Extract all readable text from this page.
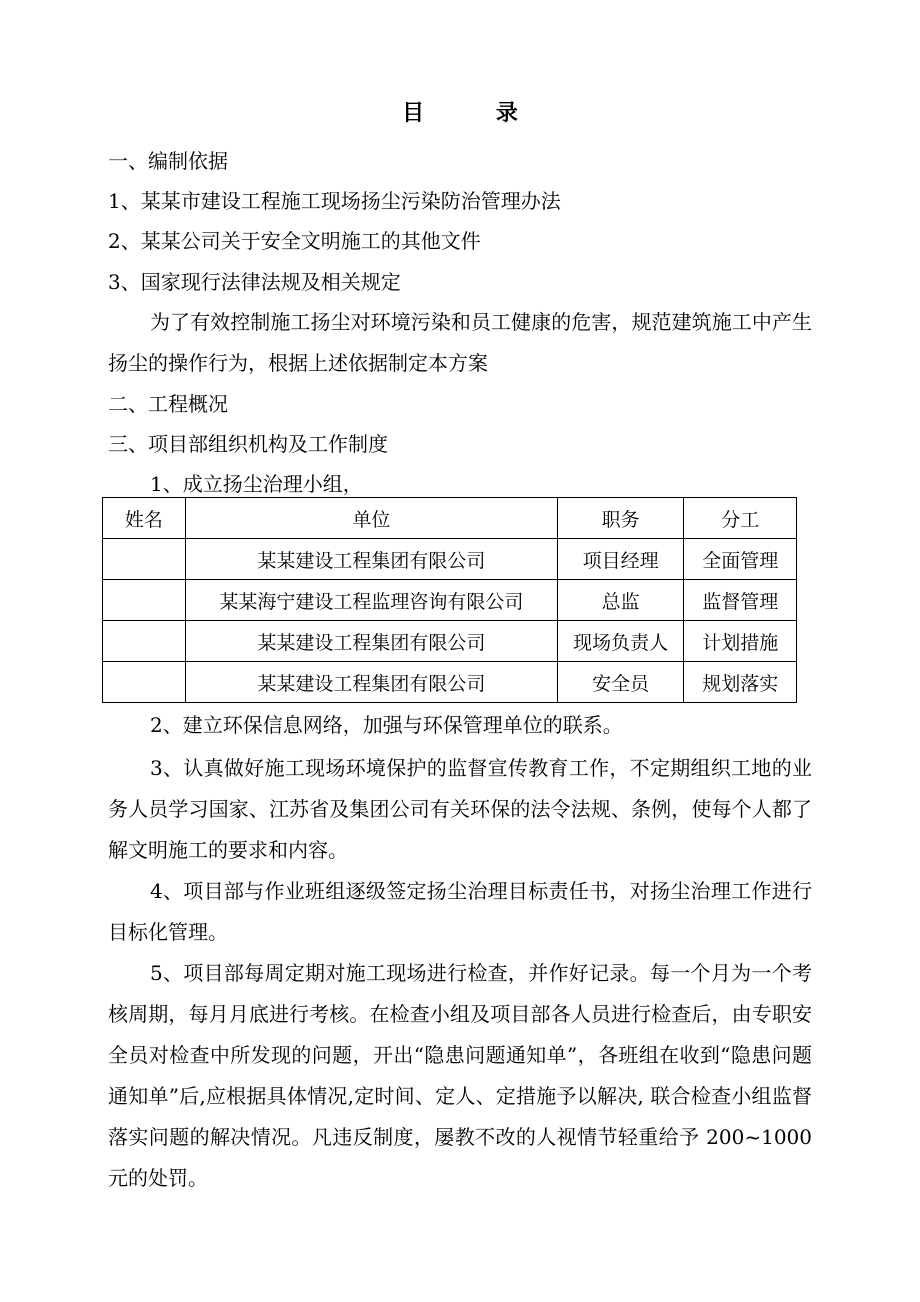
目	录
一、编制依据
1、某某市建设工程施工现场扬尘污染防治管理办法
2、某某公司关于安全文明施工的其他文件
3、国家现行法律法规及相关规定
为了有效控制施工扬尘对环境污染和员工健康的危害，规范建筑施工中产生扬尘的操作行为，根据上述依据制定本方案
二、工程概况
三、项目部组织机构及工作制度
1、成立扬尘治理小组，
姓名	单位	职务	分工
	某某建设工程集团有限公司	项目经理	全面管理
	某某海宁建设工程监理咨询有限公司	总监	监督管理
	某某建设工程集团有限公司	现场负责人	计划措施
	某某建设工程集团有限公司	安全员	规划落实
2、建立环保信息网络，加强与环保管理单位的联系。
3、认真做好施工现场环境保护的监督宣传教育工作，不定期组织工地的业务人员学习国家、江苏省及集团公司有关环保的法令法规、条例，使每个人都了解文明施工的要求和内容。
4、项目部与作业班组逐级签定扬尘治理目标责任书，对扬尘治理工作进行目标化管理。
5、项目部每周定期对施工现场进行检查，并作好记录。每一个月为一个考核周期，每月月底进行考核。在检查小组及项目部各人员进行检查后，由专职安全员对检查中所发现的问题，开出“隐患问题通知单”，各班组在收到“隐患问题通知单”后,应根据具体情况,定时间、定人、定措施予以解决, 联合检查小组监督落实问题的解决情况。凡违反制度，屡教不改的人视情节轻重给予 200~1000 元的处罚。
